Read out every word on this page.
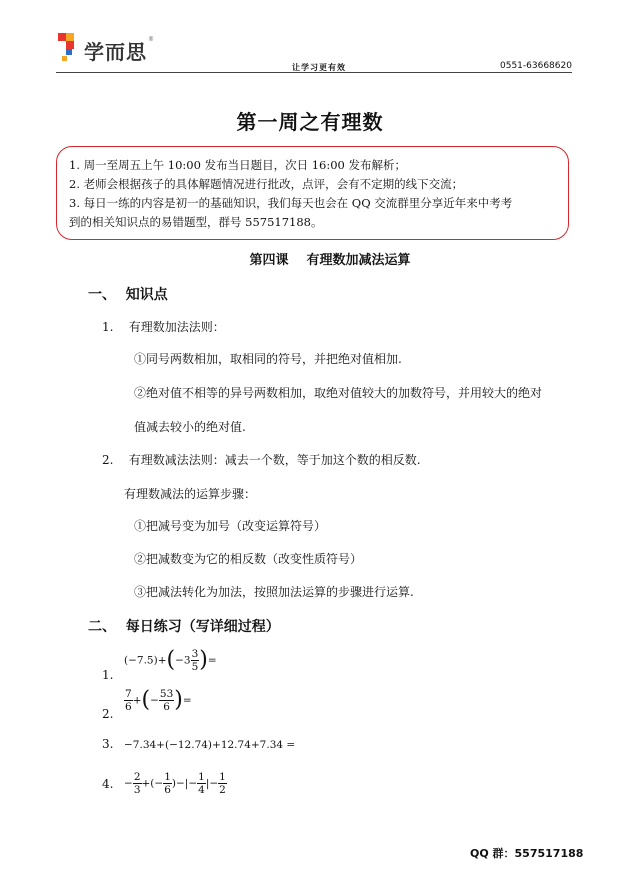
学而思
®
让学习更有效	0551-63668620
第一周之有理数
1. 周一至周五上午 10:00 发布当日题目，次日 16:00 发布解析；
2. 老师会根据孩子的具体解题情况进行批改，点评，会有不定期的线下交流；
3. 每日一练的内容是初一的基础知识，我们每天也会在 QQ 交流群里分享近年来中考考
到的相关知识点的易错题型，群号 557517188。
第四课    有理数加减法运算
一、  知识点
1.    有理数加法法则：
①同号两数相加，取相同的符号，并把绝对值相加.
②绝对值不相等的异号两数相加，取绝对值较大的加数符号，并用较大的绝对
值减去较小的绝对值.
2.    有理数减法法则：减去一个数，等于加这个数的相反数.
有理数减法的运算步骤：
①把减号变为加号（改变运算符号）
②把减数变为它的相反数（改变性质符号）
③把减法转化为加法，按照加法运算的步骤进行运算.
二、  每日练习（写详细过程）
1.
$(-7.5)+(-3 \frac{3}{5}$ )=
2.
$\frac{7}{6}$ +(− $\frac{53}{6}$ )=
3. −7.34+(−12.74)+12.74+7.34 =
4. − $\frac{2}{3}$ +(− $\frac{1}{6}$ )−|− $\frac{1}{4}$ |− $\frac{1}{2}$
QQ 群：557517188
